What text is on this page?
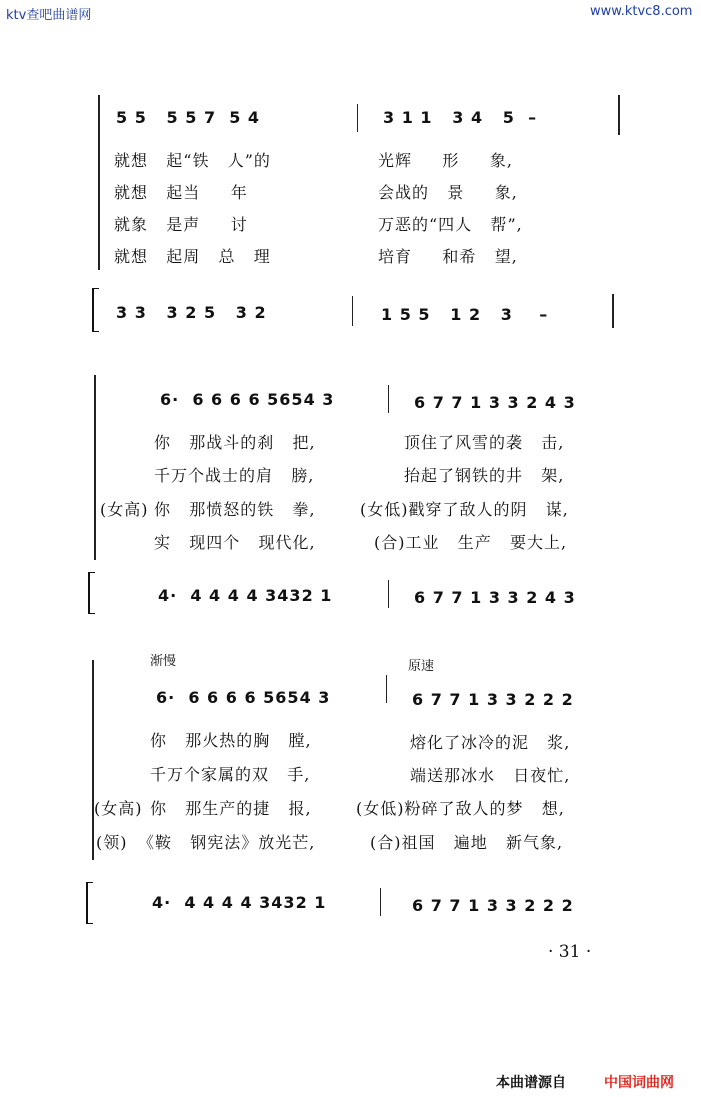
ktv查吧曲谱网	www.ktvc8.com
5 5   5 5 7  5 4	3 1 1   3 4   5  –
就想   起“铁   人”的	光辉     形     象,
就想   起当     年	会战的   景     象,
就象   是声     讨	万恶的“四人   帮”,
就想   起周   总   理	培育     和希   望,
3 3   3 2 5   3 2	1 5 5   1 2   3    –
6·  6 6 6 6 5654 3	6 7 7 1 3 3 2 4 3
你   那战斗的刹   把,	顶住了风雪的袭   击,
千万个战士的肩   膀,	抬起了钢铁的井   架,
(女高) 你   那愤怒的铁   拳,	(女低)戳穿了敌人的阴   谋,
实   现四个   现代化,	(合)工业   生产   要大上,
4·  4 4 4 4 3432 1	6 7 7 1 3 3 2 4 3
渐慢	原速
6·  6 6 6 6 5654 3	6 7 7 1 3 3 2 2 2
你   那火热的胸   膛,	熔化了冰冷的泥   浆,
千万个家属的双   手,	端送那冰水   日夜忙,
(女高) 你   那生产的捷   报,	(女低)粉碎了敌人的梦   想,
(领) 《鞍   钢宪法》放光芒,	(合)祖国   遍地   新气象,
4·  4 4 4 4 3432 1	6 7 7 1 3 3 2 2 2
· 31 ·
本曲谱源自	中国词曲网
